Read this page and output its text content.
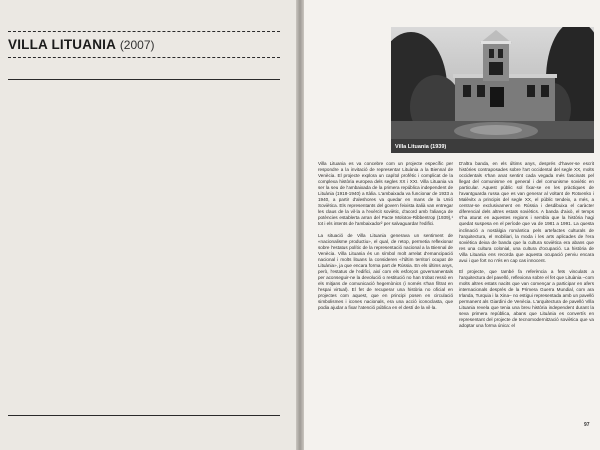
VILLA LITUANIA (2007)
Villa Lituania (1939)

Villa Lituania es va concebre com un projecte específic per respondre a la invitació de representar Lituània a la Biennal de Venècia. El projecte explora un capítol profètic i complicat de la complexa història europea dels segles XX i XXI. Villa Lituania va ser la seu de l'ambaixada de la primera república independent de Lituània (1918-1940) a Itàlia. L'ambaixada va funcionar de 1933 a 1940, a partir d'aleshores va quedar en mans de la Unió Soviètica. Els representants del govern feixista italià van entregar les claus de la vil·la a l'exèrcit soviètic, d'acord amb l'aliança de potències establerta arran del Pacte Molotov-Ribbentrop (1939),¹ tot i els intents de l'ambaixador² per salvaguardar l'edifici.

La situació de Villa Lituania generava un sentiment de «nacionalisme productiu», el qual, de retop, permetia reflexionar sobre l'estatus polític de la representació nacional a la Biennal de Venècia. Villa Lituania és un símbol molt arrelat d'emancipació nacional i molts lituans la consideren «l'últim territori ocupat de Lituània», ja que encara forma part de Rússia. En els últims anys, però, l'estatus de l'edifici, així com els esforços governamentals per aconseguir-ne la devolució o restitució no han trobat ressò en els mitjans de comunicació hegemònics (i només s'han filtrat en l'espai virtual). El fet de recuperar una història no oficial en projectes com aquest, que en principi posen en circulació simbolismes i icones nacionals, era una acció iconoclasta, que podia ajudar a fixar l'atenció pública en el destí de la vil·la.

D'altra banda, en els últims anys, després d'haver-se escrit històries contraposades sobre l'art occidental del segle XX, molts occidentals s'han anat sentint cada vegada més fascinats pel llegat del comunisme en general i del comunisme soviètic en particular. Aquest públic sol fixar-se en les pràctiques de l'avantguarda russa que es van generar al voltant de Rotxenko i Malèvitx a principis del segle XX, el públic tendeix, a més, a centrar-se exclusivament en Rússia i desdibuixa el caràcter diferencial dels altres estats soviètics. A banda d'això, el temps s'ha aturat en aquestes regions i sembla que la història hagi quedat suspesa en el període que va de 1981 a 1991. La questa inclinació a nostàlgia romàntica pels artefactes culturals de l'arquitectura, el mobiliari, la moda i les arts aplicades de l'era soviètica deixa de banda que la cultura soviètica era abans que res una cultura colonial, una cultura d'ocupació. La història de Villa Lituania ens recorda que aquesta ocupació perviu encara avui i que fort no n'és en cap cas innocent.

El projecte, que també fa referència a fets vinculats a l'arquitectura del pavelló, reflexiona sobre el fet que Lituània –com molts altres estats nacits que van començar a participar en afers internacionals després de la Primera Guerra Mundial, com ara Irlanda, Turquia i la Xina– no estigui representada amb un pavelló permanent als Giardini de Venècia. L'arquitectura de pavelló Villa Lituania revela que tenia una breu història independent durant la seva primera república, abans que Lituània es convertís en representant del projecte de tecnomodernització soviètica que va adoptar una forma única: el

97
